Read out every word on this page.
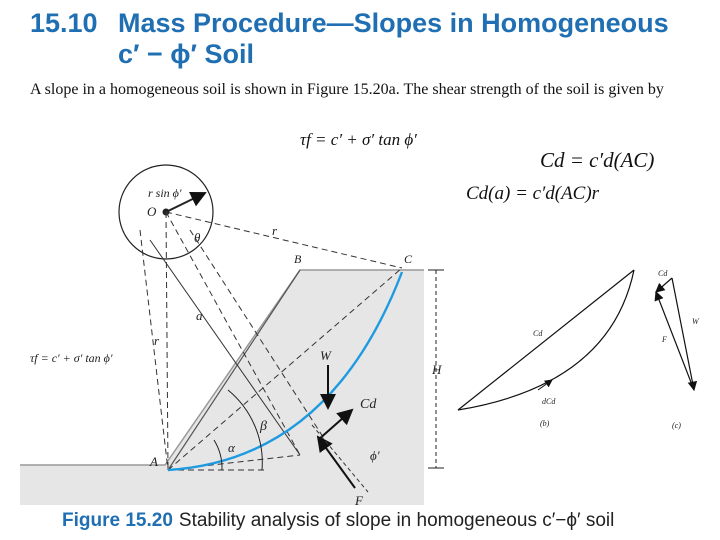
15.10 Mass Procedure—Slopes in Homogeneous
c′ − ϕ′ Soil

A slope in a homogeneous soil is shown in Figure 15.20a. The shear strength of the soil is given by

τf = c′ + σ′ tan ϕ′
Cd = c′d(AC)
Cd(a) = c′d(AC)r
r sin ϕ′
O
θ	r
r
a
B	C
H
W
Cd
ϕ′
F
A
α
β
τf = c′ + σ′ tan ϕ′
Cd
dCd
(b)
Cd
W
F
(c)
Figure 15.20 Stability analysis of slope in homogeneous c′−ϕ′ soil
